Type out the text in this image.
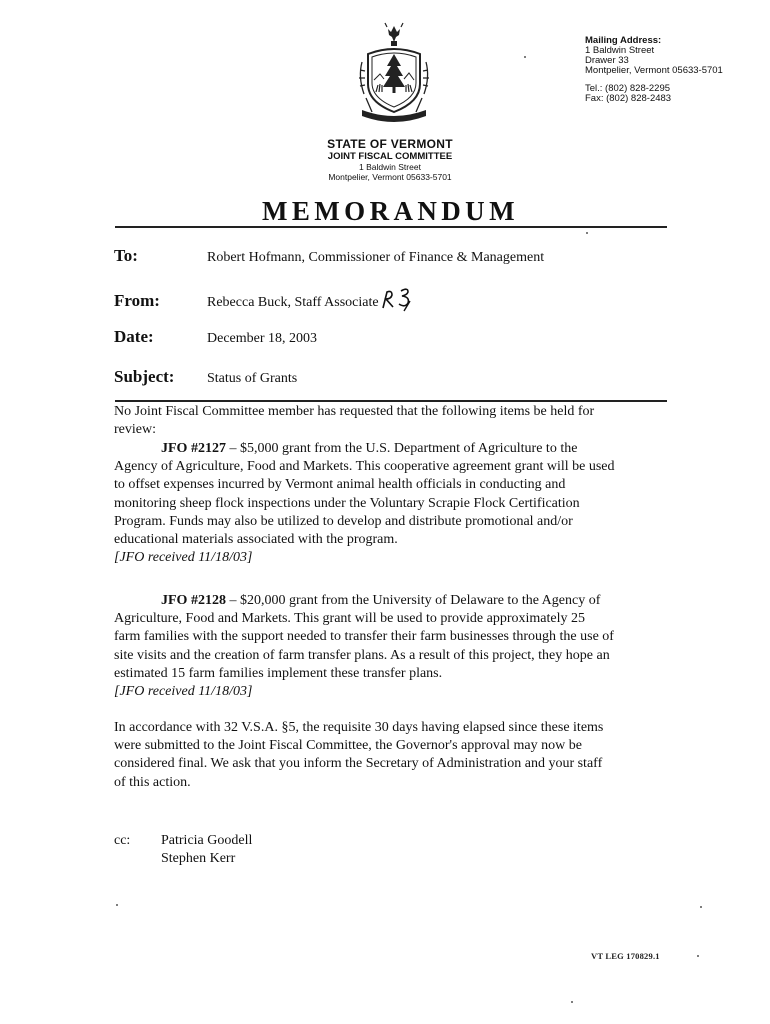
Mailing Address:
1 Baldwin Street
Drawer 33
Montpelier, Vermont 05633-5701
Tel.: (802) 828-2295
Fax: (802) 828-2483
STATE OF VERMONT
JOINT FISCAL COMMITTEE
1 Baldwin Street
Montpelier, Vermont 05633-5701
MEMORANDUM
To:	Robert Hofmann, Commissioner of Finance & Management
From:	Rebecca Buck, Staff Associate
Date:	December 18, 2003
Subject: Status of Grants
No Joint Fiscal Committee member has requested that the following items be held for
review:
JFO #2127 – $5,000 grant from the U.S. Department of Agriculture to the
Agency of Agriculture, Food and Markets. This cooperative agreement grant will be used
to offset expenses incurred by Vermont animal health officials in conducting and
monitoring sheep flock inspections under the Voluntary Scrapie Flock Certification
Program. Funds may also be utilized to develop and distribute promotional and/or
educational materials associated with the program.
[JFO received 11/18/03]
JFO #2128 – $20,000 grant from the University of Delaware to the Agency of
Agriculture, Food and Markets. This grant will be used to provide approximately 25
farm families with the support needed to transfer their farm businesses through the use of
site visits and the creation of farm transfer plans. As a result of this project, they hope an
estimated 15 farm families implement these transfer plans.
[JFO received 11/18/03]
In accordance with 32 V.S.A. §5, the requisite 30 days having elapsed since these items
were submitted to the Joint Fiscal Committee, the Governor's approval may now be
considered final. We ask that you inform the Secretary of Administration and your staff
of this action.
cc: Patricia Goodell
Stephen Kerr
VT LEG 170829.1
